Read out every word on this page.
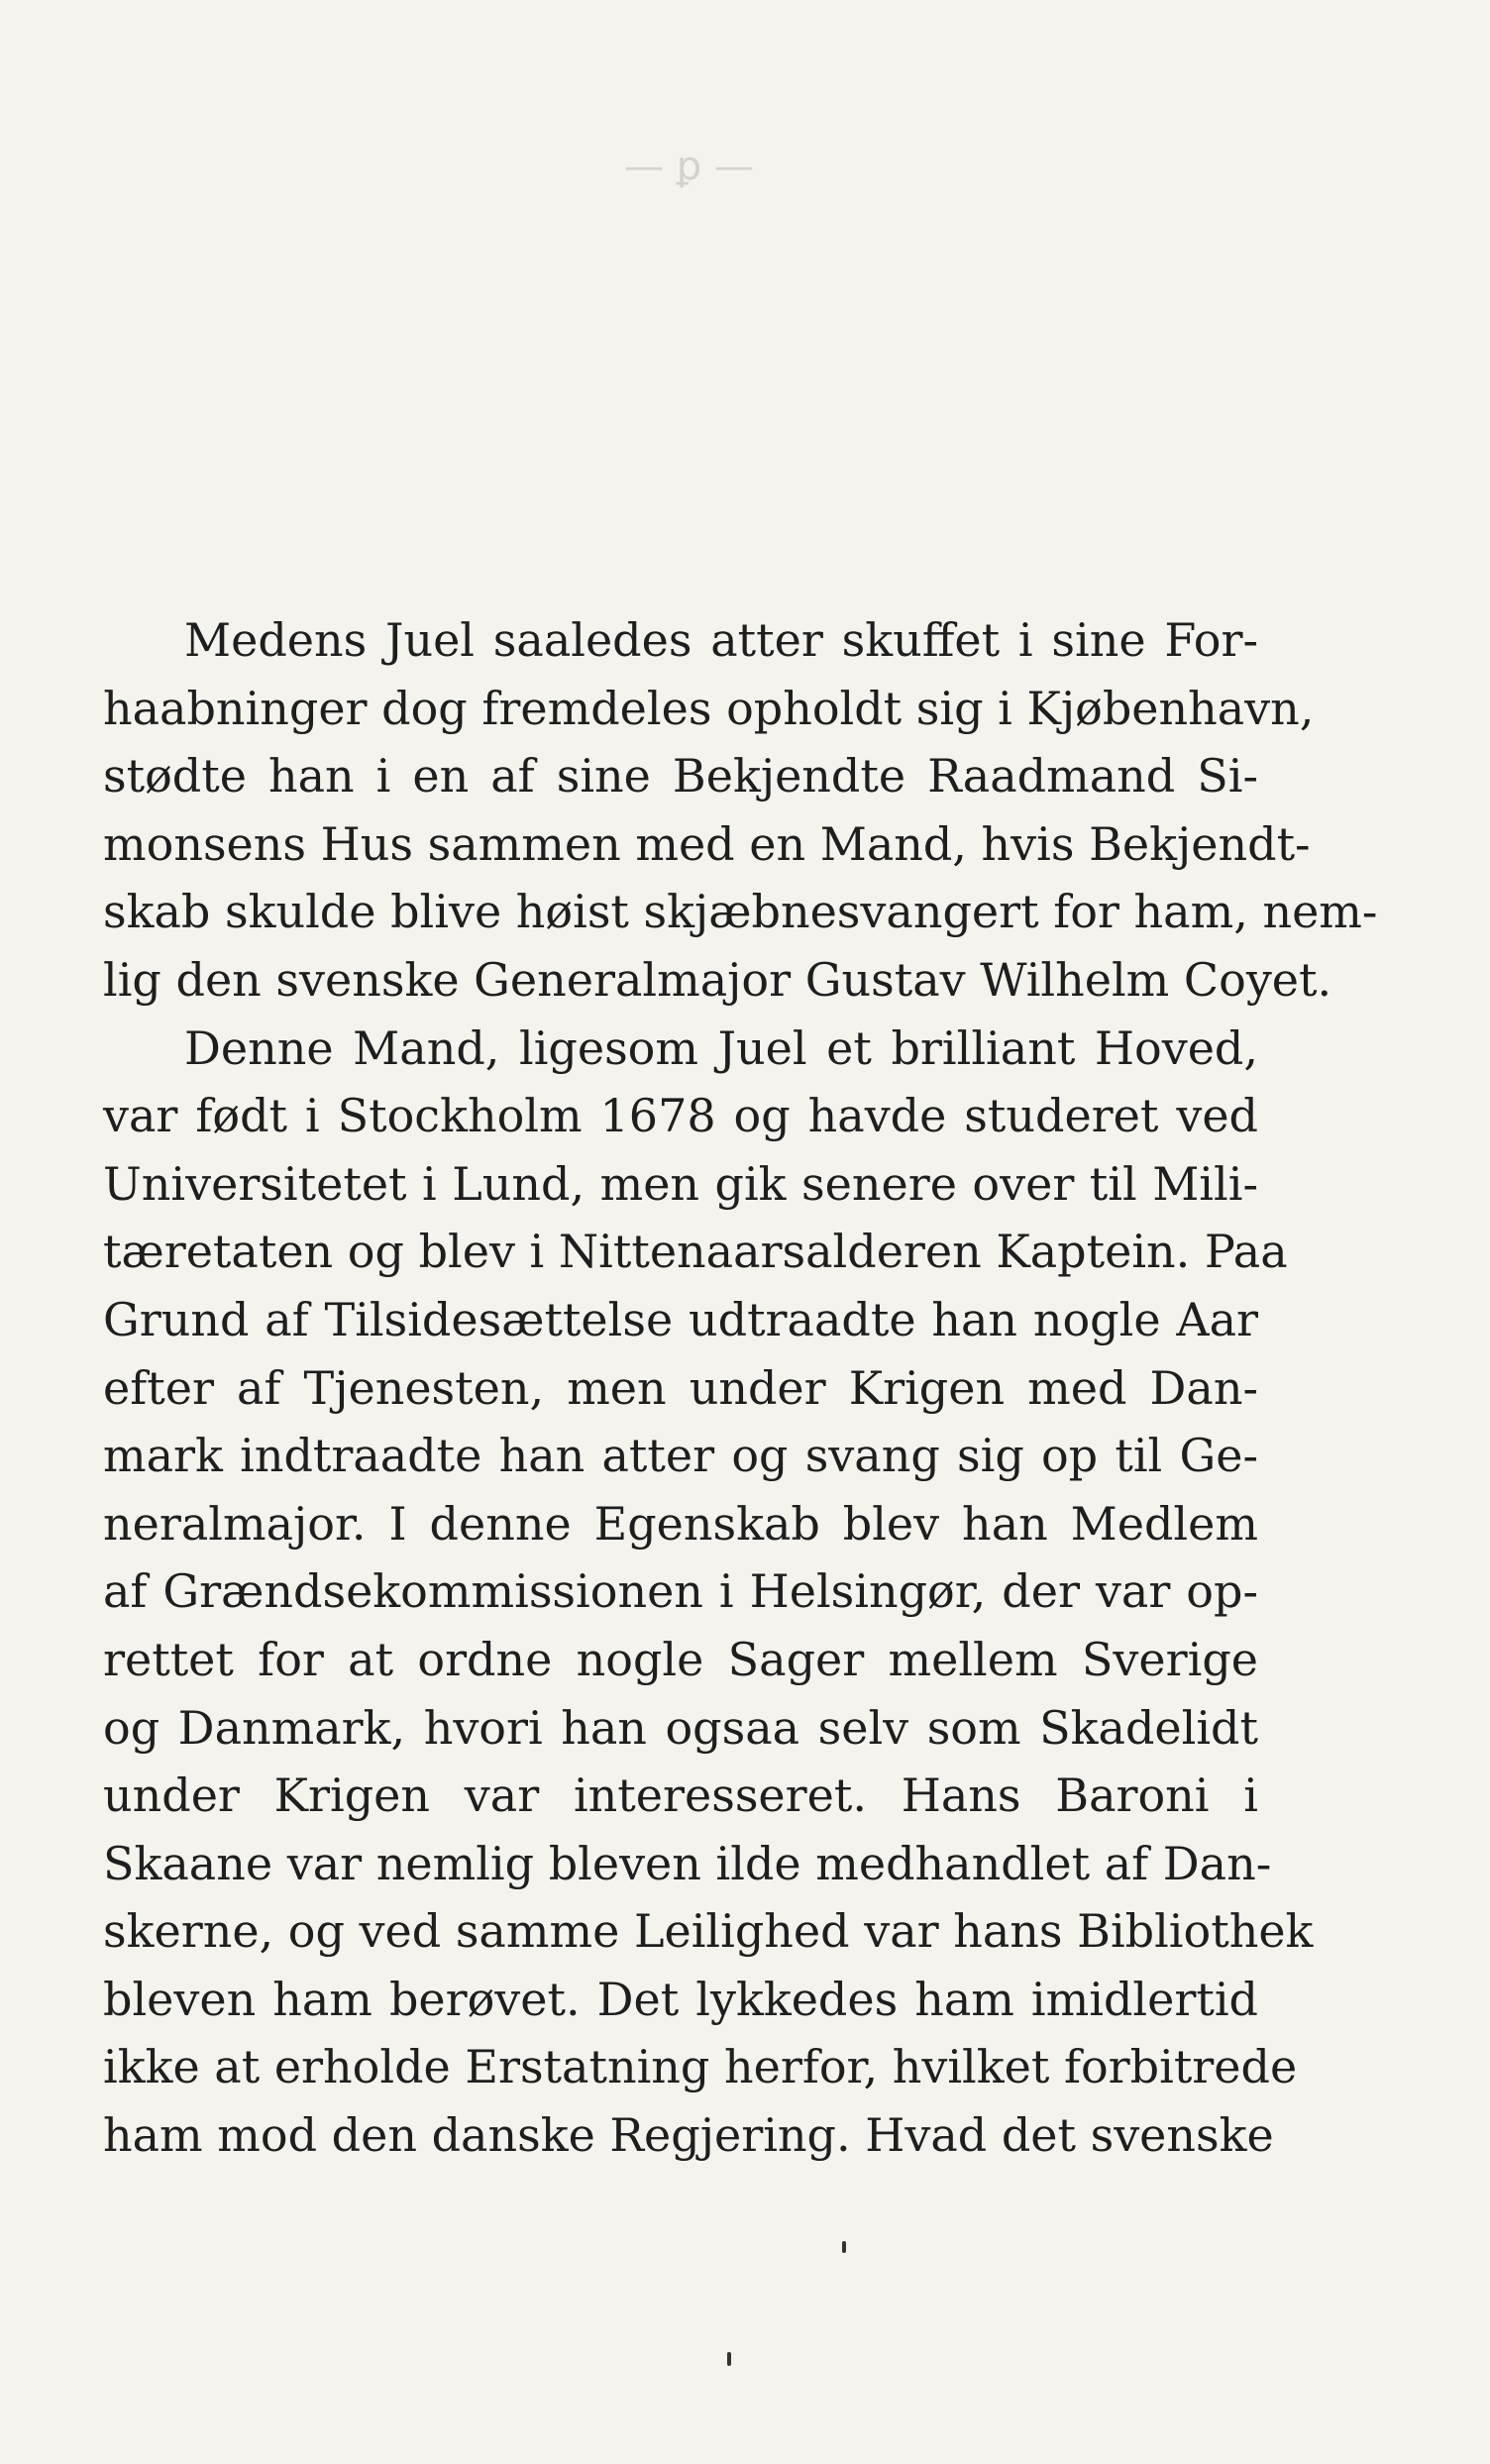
— ꝑ —

Medens Juel saaledes atter skuffet i sine For-
haabninger dog fremdeles opholdt sig i Kjøbenhavn,
stødte han i en af sine Bekjendte Raadmand Si-
monsens Hus sammen med en Mand, hvis Bekjendt-
skab skulde blive høist skjæbnesvangert for ham, nem-
lig den svenske Generalmajor Gustav Wilhelm Coyet.
Denne Mand, ligesom Juel et brilliant Hoved,
var født i Stockholm 1678 og havde studeret ved
Universitetet i Lund, men gik senere over til Mili-
tæretaten og blev i Nittenaarsalderen Kaptein. Paa
Grund af Tilsidesættelse udtraadte han nogle Aar
efter af Tjenesten, men under Krigen med Dan-
mark indtraadte han atter og svang sig op til Ge-
neralmajor. I denne Egenskab blev han Medlem
af Grændsekommissionen i Helsingør, der var op-
rettet for at ordne nogle Sager mellem Sverige
og Danmark, hvori han ogsaa selv som Skadelidt
under Krigen var interesseret. Hans Baroni i
Skaane var nemlig bleven ilde medhandlet af Dan-
skerne, og ved samme Leilighed var hans Bibliothek
bleven ham berøvet. Det lykkedes ham imidlertid
ikke at erholde Erstatning herfor, hvilket forbitrede
ham mod den danske Regjering. Hvad det svenske
